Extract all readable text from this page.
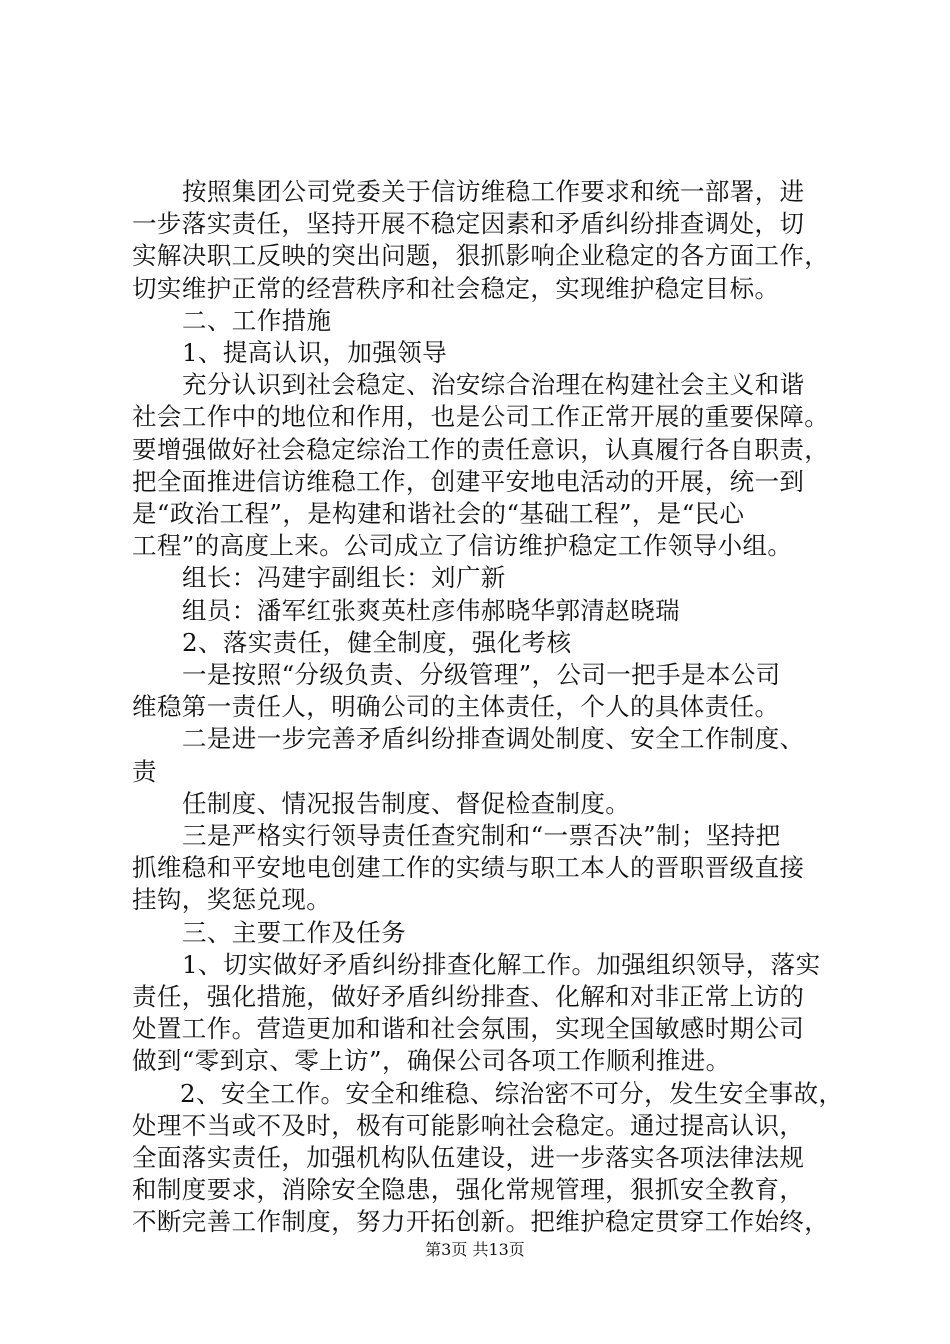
按照集团公司党委关于信访维稳工作要求和统一部署，进
一步落实责任，坚持开展不稳定因素和矛盾纠纷排查调处，切
实解决职工反映的突出问题，狠抓影响企业稳定的各方面工作，
切实维护正常的经营秩序和社会稳定，实现维护稳定目标。
二、工作措施
1、提高认识，加强领导
充分认识到社会稳定、治安综合治理在构建社会主义和谐
社会工作中的地位和作用，也是公司工作正常开展的重要保障。
要增强做好社会稳定综治工作的责任意识，认真履行各自职责，
把全面推进信访维稳工作，创建平安地电活动的开展，统一到
是“政治工程”，是构建和谐社会的“基础工程”，是“民心
工程”的高度上来。公司成立了信访维护稳定工作领导小组。
组长：冯建宇副组长：刘广新
组员：潘军红张爽英杜彦伟郝晓华郭清赵晓瑞
2、落实责任，健全制度，强化考核
一是按照“分级负责、分级管理”，公司一把手是本公司
维稳第一责任人，明确公司的主体责任，个人的具体责任。
二是进一步完善矛盾纠纷排查调处制度、安全工作制度、
责
任制度、情况报告制度、督促检查制度。
三是严格实行领导责任查究制和“一票否决”制；坚持把
抓维稳和平安地电创建工作的实绩与职工本人的晋职晋级直接
挂钩，奖惩兑现。
三、主要工作及任务
1、切实做好矛盾纠纷排查化解工作。加强组织领导，落实
责任，强化措施，做好矛盾纠纷排查、化解和对非正常上访的
处置工作。营造更加和谐和社会氛围，实现全国敏感时期公司
做到“零到京、零上访”，确保公司各项工作顺利推进。
2、安全工作。安全和维稳、综治密不可分，发生安全事故，
处理不当或不及时，极有可能影响社会稳定。通过提高认识，
全面落实责任，加强机构队伍建设，进一步落实各项法律法规
和制度要求，消除安全隐患，强化常规管理，狠抓安全教育，
不断完善工作制度，努力开拓创新。把维护稳定贯穿工作始终，
第3页 共13页
